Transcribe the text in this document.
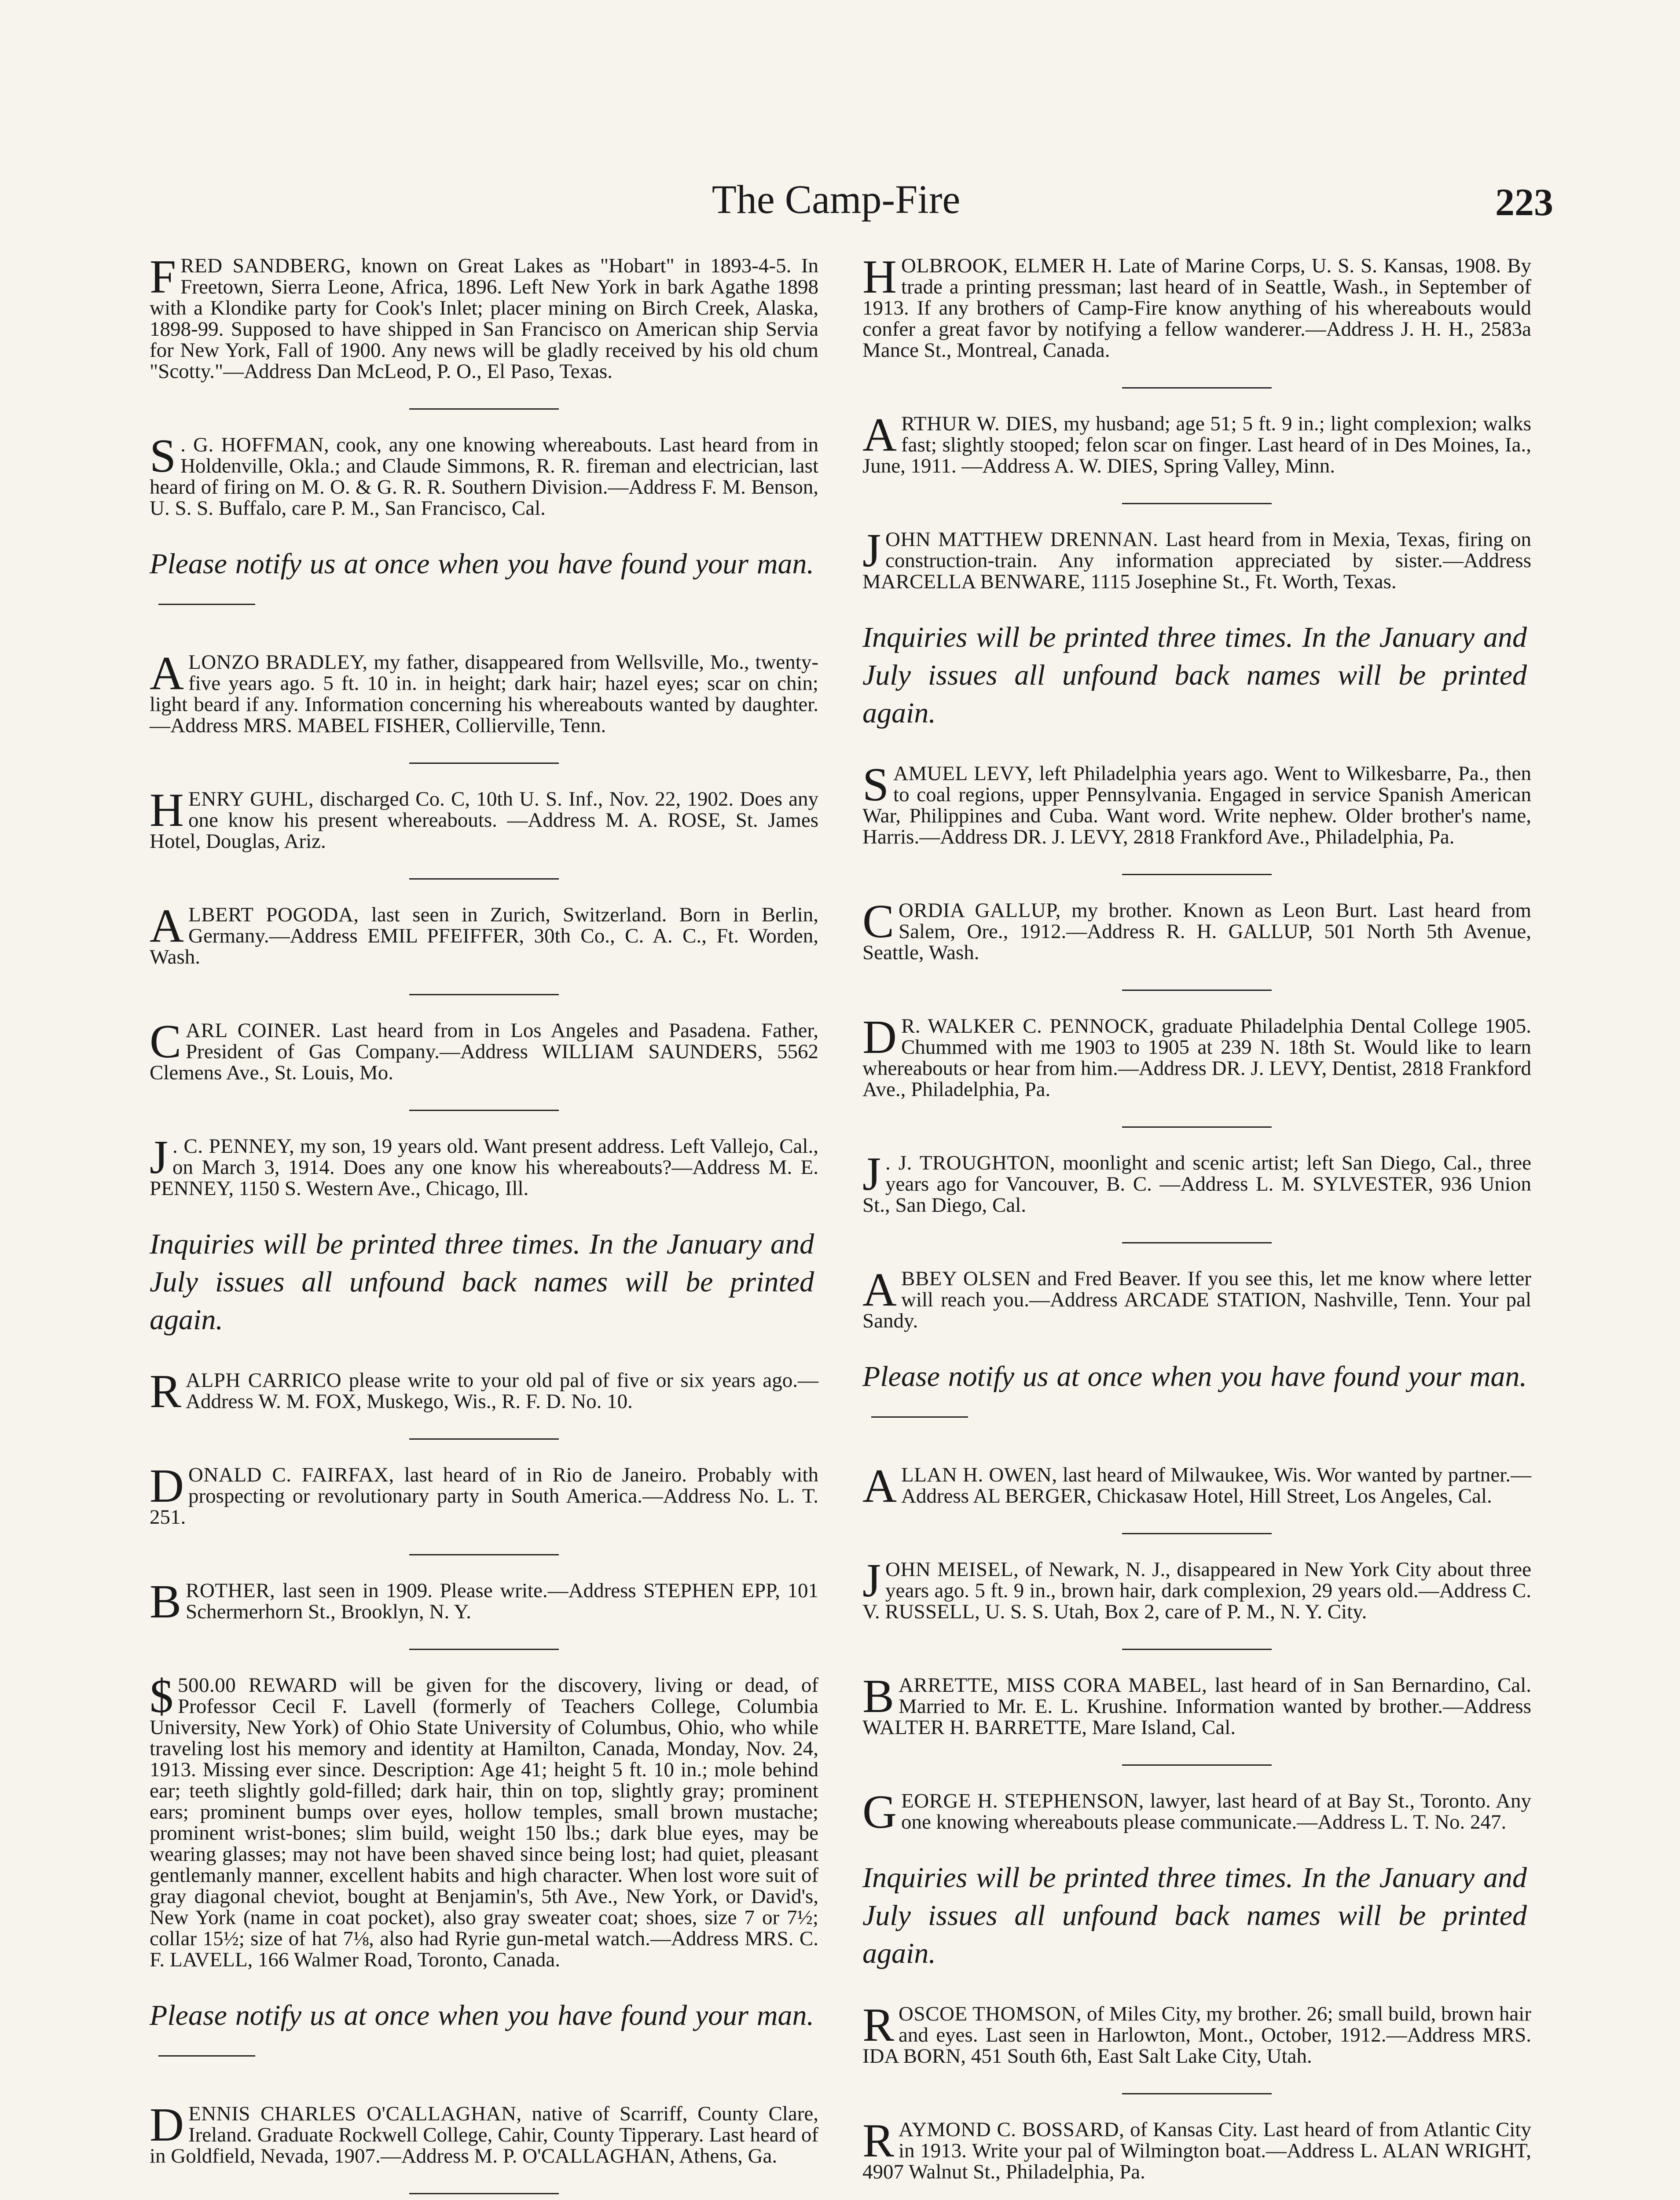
The Camp-Fire	223
FRED SANDBERG, known on Great Lakes as "Hobart" in 1893-4-5. In Freetown, Sierra Leone, Africa, 1896. Left New York in bark Agathe 1898 with a Klondike party for Cook's Inlet; placer mining on Birch Creek, Alaska, 1898-99. Supposed to have shipped in San Francisco on American ship Servia for New York, Fall of 1900. Any news will be gladly received by his old chum "Scotty."—Address Dan McLeod, P. O., El Paso, Texas.
S . G. HOFFMAN, cook, any one knowing whereabouts. Last heard from in Holdenville, Okla.; and Claude Simmons, R. R. fireman and electrician, last heard of firing on M. O. & G. R. R. Southern Division.—Address F. M. Benson, U. S. S. Buffalo, care P. M., San Francisco, Cal.
Please notify us at once when you have found your man.
ALONZO BRADLEY, my father, disappeared from Wellsville, Mo., twenty-five years ago. 5 ft. 10 in. in height; dark hair; hazel eyes; scar on chin; light beard if any. Information concerning his whereabouts wanted by daughter.—Address MRS. MABEL FISHER, Collierville, Tenn.
HENRY GUHL, discharged Co. C, 10th U. S. Inf., Nov. 22, 1902. Does any one know his present whereabouts. —Address M. A. ROSE, St. James Hotel, Douglas, Ariz.
ALBERT POGODA, last seen in Zurich, Switzerland. Born in Berlin, Germany.—Address EMIL PFEIFFER, 30th Co., C. A. C., Ft. Worden, Wash.
CARL COINER. Last heard from in Los Angeles and Pasadena. Father, President of Gas Company.—Address WILLIAM SAUNDERS, 5562 Clemens Ave., St. Louis, Mo.
J . C. PENNEY, my son, 19 years old. Want present address. Left Vallejo, Cal., on March 3, 1914. Does any one know his whereabouts?—Address M. E. PENNEY, 1150 S. Western Ave., Chicago, Ill.
Inquiries will be printed three times. In the January and July issues all unfound back names will be printed again.
RALPH CARRICO please write to your old pal of five or six years ago.—Address W. M. FOX, Muskego, Wis., R. F. D. No. 10.
DONALD C. FAIRFAX, last heard of in Rio de Janeiro. Probably with prospecting or revolutionary party in South America.—Address No. L. T. 251.
BROTHER, last seen in 1909. Please write.—Address STEPHEN EPP, 101 Schermerhorn St., Brooklyn, N. Y.
$ 500.00 REWARD will be given for the discovery, living or dead, of Professor Cecil F. Lavell (formerly of Teachers College, Columbia University, New York) of Ohio State University of Columbus, Ohio, who while traveling lost his memory and identity at Hamilton, Canada, Monday, Nov. 24, 1913. Missing ever since. Description: Age 41; height 5 ft. 10 in.; mole behind ear; teeth slightly gold-filled; dark hair, thin on top, slightly gray; prominent ears; prominent bumps over eyes, hollow temples, small brown mustache; prominent wrist-bones; slim build, weight 150 lbs.; dark blue eyes, may be wearing glasses; may not have been shaved since being lost; had quiet, pleasant gentlemanly manner, excellent habits and high character. When lost wore suit of gray diagonal cheviot, bought at Benjamin's, 5th Ave., New York, or David's, New York (name in coat pocket), also gray sweater coat; shoes, size 7 or 7½; collar 15½; size of hat 7⅛, also had Ryrie gun-metal watch.—Address MRS. C. F. LAVELL, 166 Walmer Road, Toronto, Canada.
Please notify us at once when you have found your man.
DENNIS CHARLES O'CALLAGHAN, native of Scarriff, County Clare, Ireland. Graduate Rockwell College, Cahir, County Tipperary. Last heard of in Goldfield, Nevada, 1907.—Address M. P. O'CALLAGHAN, Athens, Ga.
HOLBROOK, ELMER H. Late of Marine Corps, U. S. S. Kansas, 1908. By trade a printing pressman; last heard of in Seattle, Wash., in September of 1913. If any brothers of Camp-Fire know anything of his whereabouts would confer a great favor by notifying a fellow wanderer.—Address J. H. H., 2583a Mance St., Montreal, Canada.
ARTHUR W. DIES, my husband; age 51; 5 ft. 9 in.; light complexion; walks fast; slightly stooped; felon scar on finger. Last heard of in Des Moines, Ia., June, 1911. —Address A. W. DIES, Spring Valley, Minn.
JOHN MATTHEW DRENNAN. Last heard from in Mexia, Texas, firing on construction-train. Any information appreciated by sister.—Address MARCELLA BENWARE, 1115 Josephine St., Ft. Worth, Texas.
Inquiries will be printed three times. In the January and July issues all unfound back names will be printed again.
SAMUEL LEVY, left Philadelphia years ago. Went to Wilkesbarre, Pa., then to coal regions, upper Pennsylvania. Engaged in service Spanish American War, Philippines and Cuba. Want word. Write nephew. Older brother's name, Harris.—Address DR. J. LEVY, 2818 Frankford Ave., Philadelphia, Pa.
CORDIA GALLUP, my brother. Known as Leon Burt. Last heard from Salem, Ore., 1912.—Address R. H. GALLUP, 501 North 5th Avenue, Seattle, Wash.
D R. WALKER C. PENNOCK, graduate Philadelphia Dental College 1905. Chummed with me 1903 to 1905 at 239 N. 18th St. Would like to learn whereabouts or hear from him.—Address DR. J. LEVY, Dentist, 2818 Frankford Ave., Philadelphia, Pa.
J . J. TROUGHTON, moonlight and scenic artist; left San Diego, Cal., three years ago for Vancouver, B. C. —Address L. M. SYLVESTER, 936 Union St., San Diego, Cal.
ABBEY OLSEN and Fred Beaver. If you see this, let me know where letter will reach you.—Address ARCADE STATION, Nashville, Tenn. Your pal Sandy.
Please notify us at once when you have found your man.
ALLAN H. OWEN, last heard of Milwaukee, Wis. Wor wanted by partner.—Address AL BERGER, Chickasaw Hotel, Hill Street, Los Angeles, Cal.
JOHN MEISEL, of Newark, N. J., disappeared in New York City about three years ago. 5 ft. 9 in., brown hair, dark complexion, 29 years old.—Address C. V. RUSSELL, U. S. S. Utah, Box 2, care of P. M., N. Y. City.
BARRETTE, MISS CORA MABEL, last heard of in San Bernardino, Cal. Married to Mr. E. L. Krushine. Information wanted by brother.—Address WALTER H. BARRETTE, Mare Island, Cal.
GEORGE H. STEPHENSON, lawyer, last heard of at Bay St., Toronto. Any one knowing whereabouts please communicate.—Address L. T. No. 247.
Inquiries will be printed three times. In the January and July issues all unfound back names will be printed again.
ROSCOE THOMSON, of Miles City, my brother. 26; small build, brown hair and eyes. Last seen in Harlowton, Mont., October, 1912.—Address MRS. IDA BORN, 451 South 6th, East Salt Lake City, Utah.
RAYMOND C. BOSSARD, of Kansas City. Last heard of from Atlantic City in 1913. Write your pal of Wilmington boat.—Address L. ALAN WRIGHT, 4907 Walnut St., Philadelphia, Pa.
